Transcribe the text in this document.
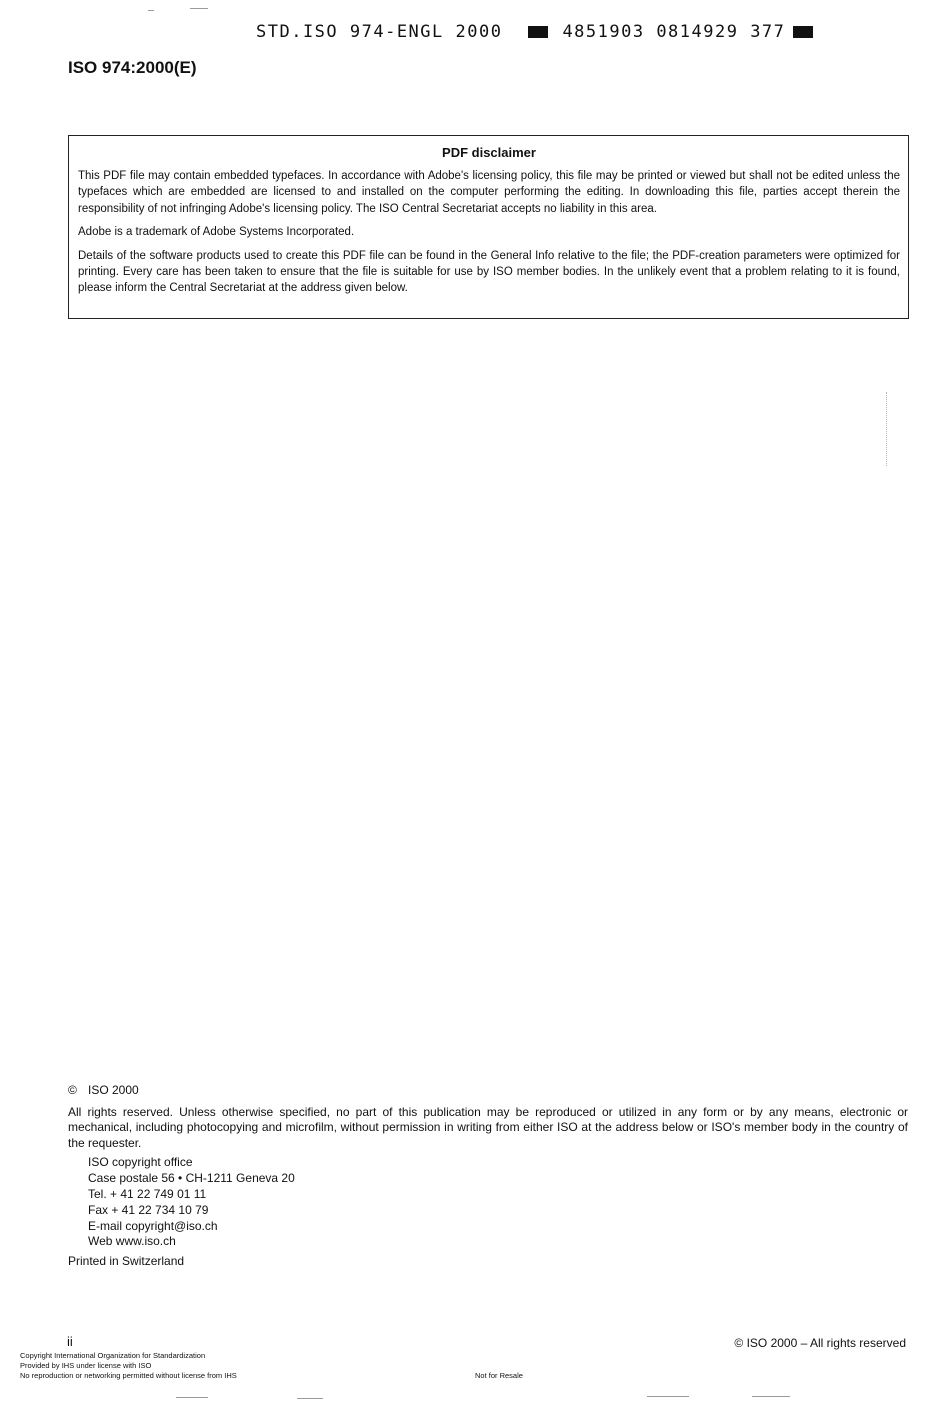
STD.ISO 974-ENGL 2000	4851903 0814929 377
ISO 974:2000(E)
PDF disclaimer

This PDF file may contain embedded typefaces. In accordance with Adobe's licensing policy, this file may be printed or viewed but shall not be edited unless the typefaces which are embedded are licensed to and installed on the computer performing the editing. In downloading this file, parties accept therein the responsibility of not infringing Adobe's licensing policy. The ISO Central Secretariat accepts no liability in this area.

Adobe is a trademark of Adobe Systems Incorporated.

Details of the software products used to create this PDF file can be found in the General Info relative to the file; the PDF-creation parameters were optimized for printing. Every care has been taken to ensure that the file is suitable for use by ISO member bodies. In the unlikely event that a problem relating to it is found, please inform the Central Secretariat at the address given below.

© ISO 2000

All rights reserved. Unless otherwise specified, no part of this publication may be reproduced or utilized in any form or by any means, electronic or mechanical, including photocopying and microfilm, without permission in writing from either ISO at the address below or ISO's member body in the country of the requester.

ISO copyright office
Case postale 56 • CH-1211 Geneva 20
Tel. + 41 22 749 01 11
Fax + 41 22 734 10 79
E-mail copyright@iso.ch
Web www.iso.ch
Printed in Switzerland
ii	© ISO 2000 – All rights reserved
Copyright International Organization for Standardization
Provided by IHS under license with ISO
No reproduction or networking permitted without license from IHS	Not for Resale
